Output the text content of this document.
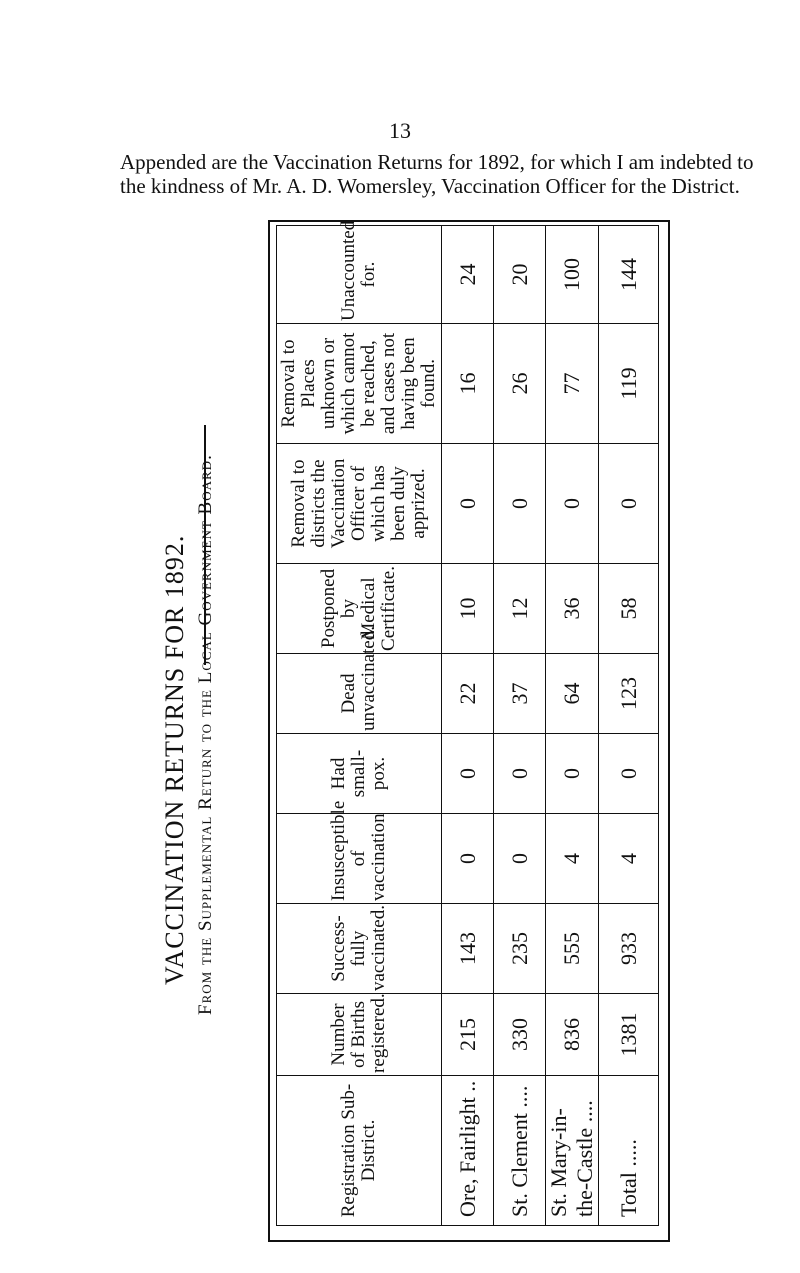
13
Appended are the Vaccination Returns for 1892, for which I am indebted to the kindness of Mr. A. D. Womersley, Vaccination Officer for the District.
VACCINATION RETURNS FOR 1892. From the Supplemental Return to the Local Government Board.
Registration Sub-District.	Number of Births registered.	Success-fully vaccinated.	Insusceptible of vaccination	Had small-pox.	Dead unvaccinated.	Postponed by Medical Certificate.	Removal to districts the Vaccination Officer of which has been duly apprized.	Removal to Places unknown or which cannot be reached, and cases not having been found.	Unaccounted for.
Ore, Fairlight ..	215	143	0	0	22	10	0	16	24
St. Clement ....	330	235	0	0	37	12	0	26	20
St. Mary-in-the-Castle ....	836	555	4	0	64	36	0	77	100
Total .....	1381	933	4	0	123	58	0	119	144
